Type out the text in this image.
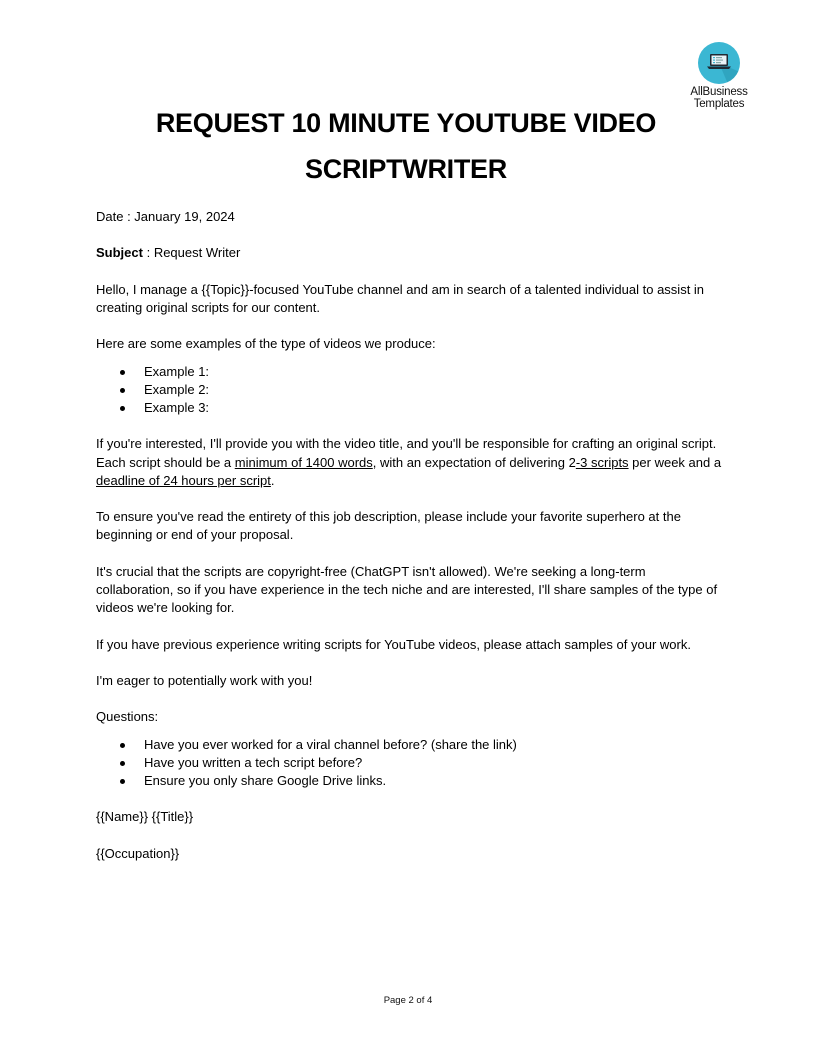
AllBusiness
Templates
REQUEST 10 MINUTE YOUTUBE VIDEO
SCRIPTWRITER

Date : January 19, 2024

Subject : Request Writer

Hello, I manage a {{Topic}}-focused YouTube channel and am in search of a talented individual to assist in creating original scripts for our content.

Here are some examples of the type of videos we produce:

Example 1:
Example 2:
Example 3:

If you're interested, I'll provide you with the video title, and you'll be responsible for crafting an original script. Each script should be a minimum of 1400 words, with an expectation of delivering 2-3 scripts per week and a deadline of 24 hours per script.

To ensure you've read the entirety of this job description, please include your favorite superhero at the beginning or end of your proposal.

It's crucial that the scripts are copyright-free (ChatGPT isn't allowed). We're seeking a long-term collaboration, so if you have experience in the tech niche and are interested, I'll share samples of the type of videos we're looking for.

If you have previous experience writing scripts for YouTube videos, please attach samples of your work.

I'm eager to potentially work with you!

Questions:

Have you ever worked for a viral channel before? (share the link)
Have you written a tech script before?
Ensure you only share Google Drive links.

{{Name}} {{Title}}

{{Occupation}}

Page 2 of 4
